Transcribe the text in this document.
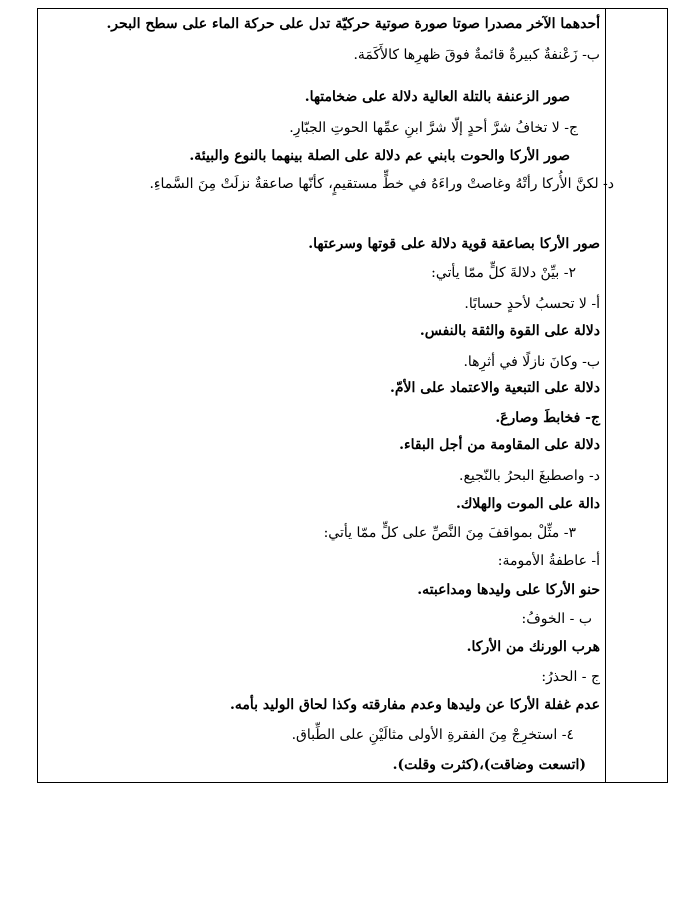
أحدهما الآخر مصدرا صوتا صورة صوتية حركيّة تدل على حركة الماء على سطح البحر.
ب- زَعْنفةٌ كبيرةٌ قائمةٌ فوقَ ظهرِها كالأَكَمَة.
صور الزعنفة بالتلة العالية دلالة على ضخامتها.
ج- لا تخافُ شرَّ أحدٍ إلّا شرَّ ابنِ عمِّها الحوتِ الجبّارِ.
صور الأركا والحوت بابني عم دلالة على الصلة بينهما بالنوع والبيئة.
د- لكنَّ الأُركا رأتْهُ وغاصتْ وراءَهُ في خطٍّ مستقيمٍ، كأنّها صاعقةٌ نزلَتْ مِنَ السَّماءِ.
صور الأركا بصاعقة قوية دلالة على قوتها وسرعتها.
٢- بيِّنْ دلالةَ كلٍّ ممّا يأتي:
أ- لا تحسبُ لأحدٍ حسابًا.
دلالة على القوة والثقة بالنفس.
ب- وكانَ نازلًا في أثرِها.
دلالة على التبعية والاعتماد على الأمّ.
ج- فخابطَ وصارعَ.
دلالة على المقاومة من أجل البقاء.
د- واصطبغَ البحرُ بالنّجيع.
دالة على الموت والهلاك.
٣- مثِّلْ بمواقفَ مِنَ النَّصِّ على كلٍّ ممّا يأتي:
أ- عاطفةُ الأمومة:
حنو الأركا على وليدها ومداعبته.
ب - الخوفُ:
هرب الورنك من الأركا.
ج - الحذرُ:
عدم غفلة الأركا عن وليدها وعدم مفارقته وكذا لحاق الوليد بأمه.
٤- استخرِجْ مِنَ الفقرةِ الأولى مثالَيْنِ على الطِّباق.
(اتسعت وضاقت)،(كثرت وقلت).
